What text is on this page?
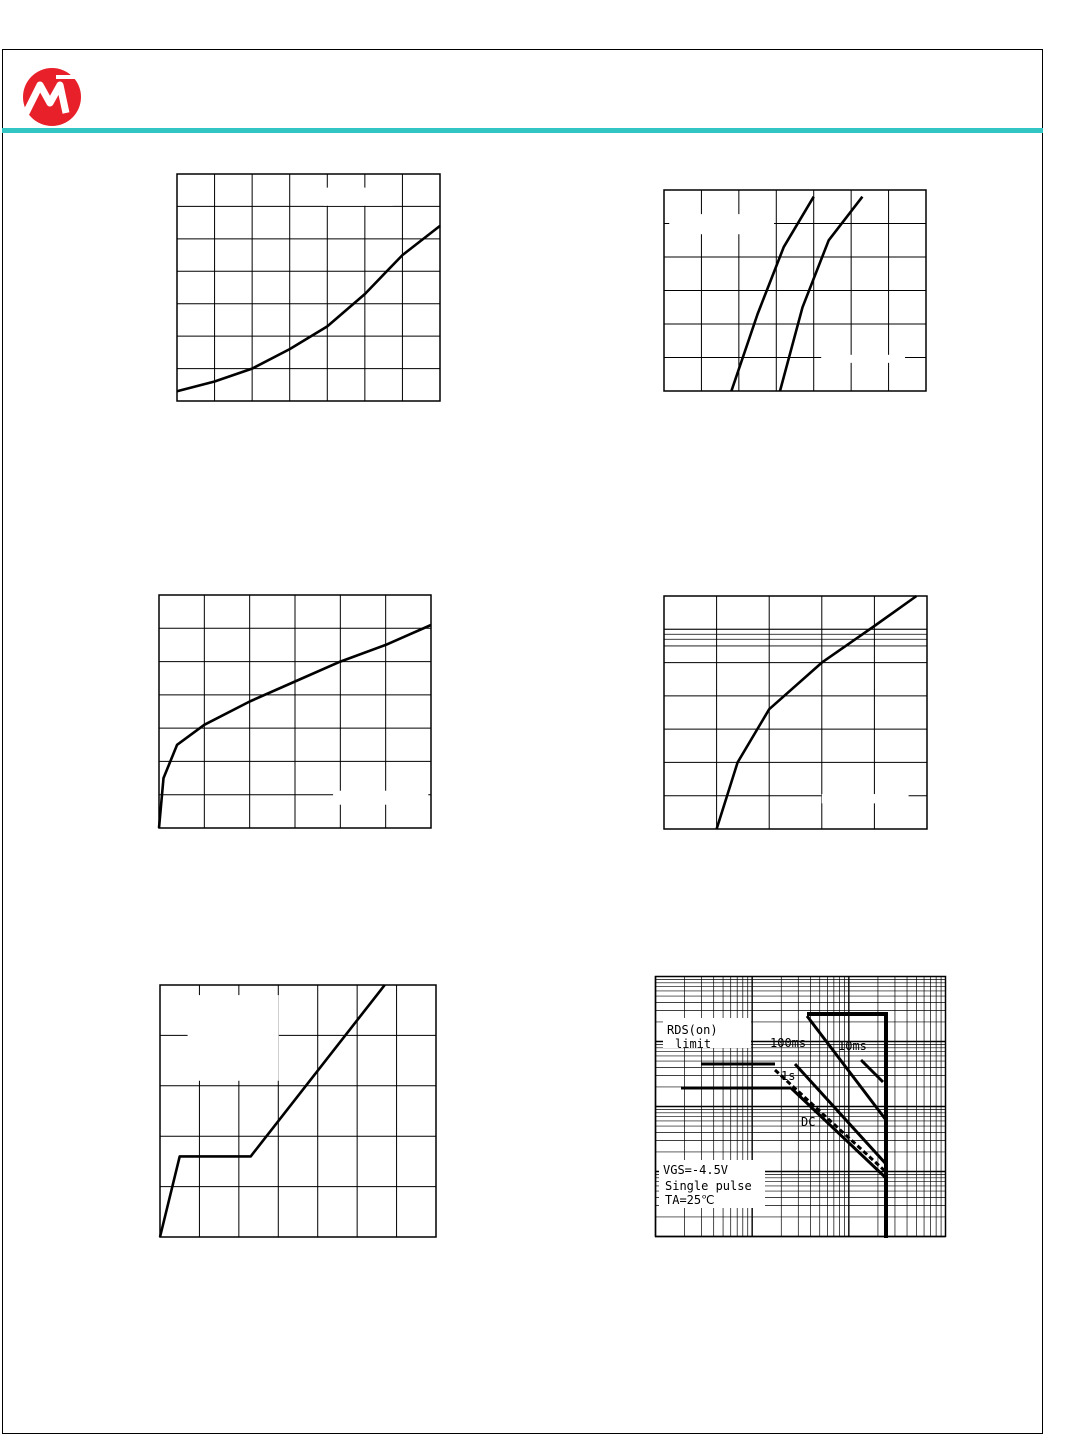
RDS(on)
limit	100ms	10ms
1s
DC
VGS=-4.5V
Single pulse
TA=25℃
